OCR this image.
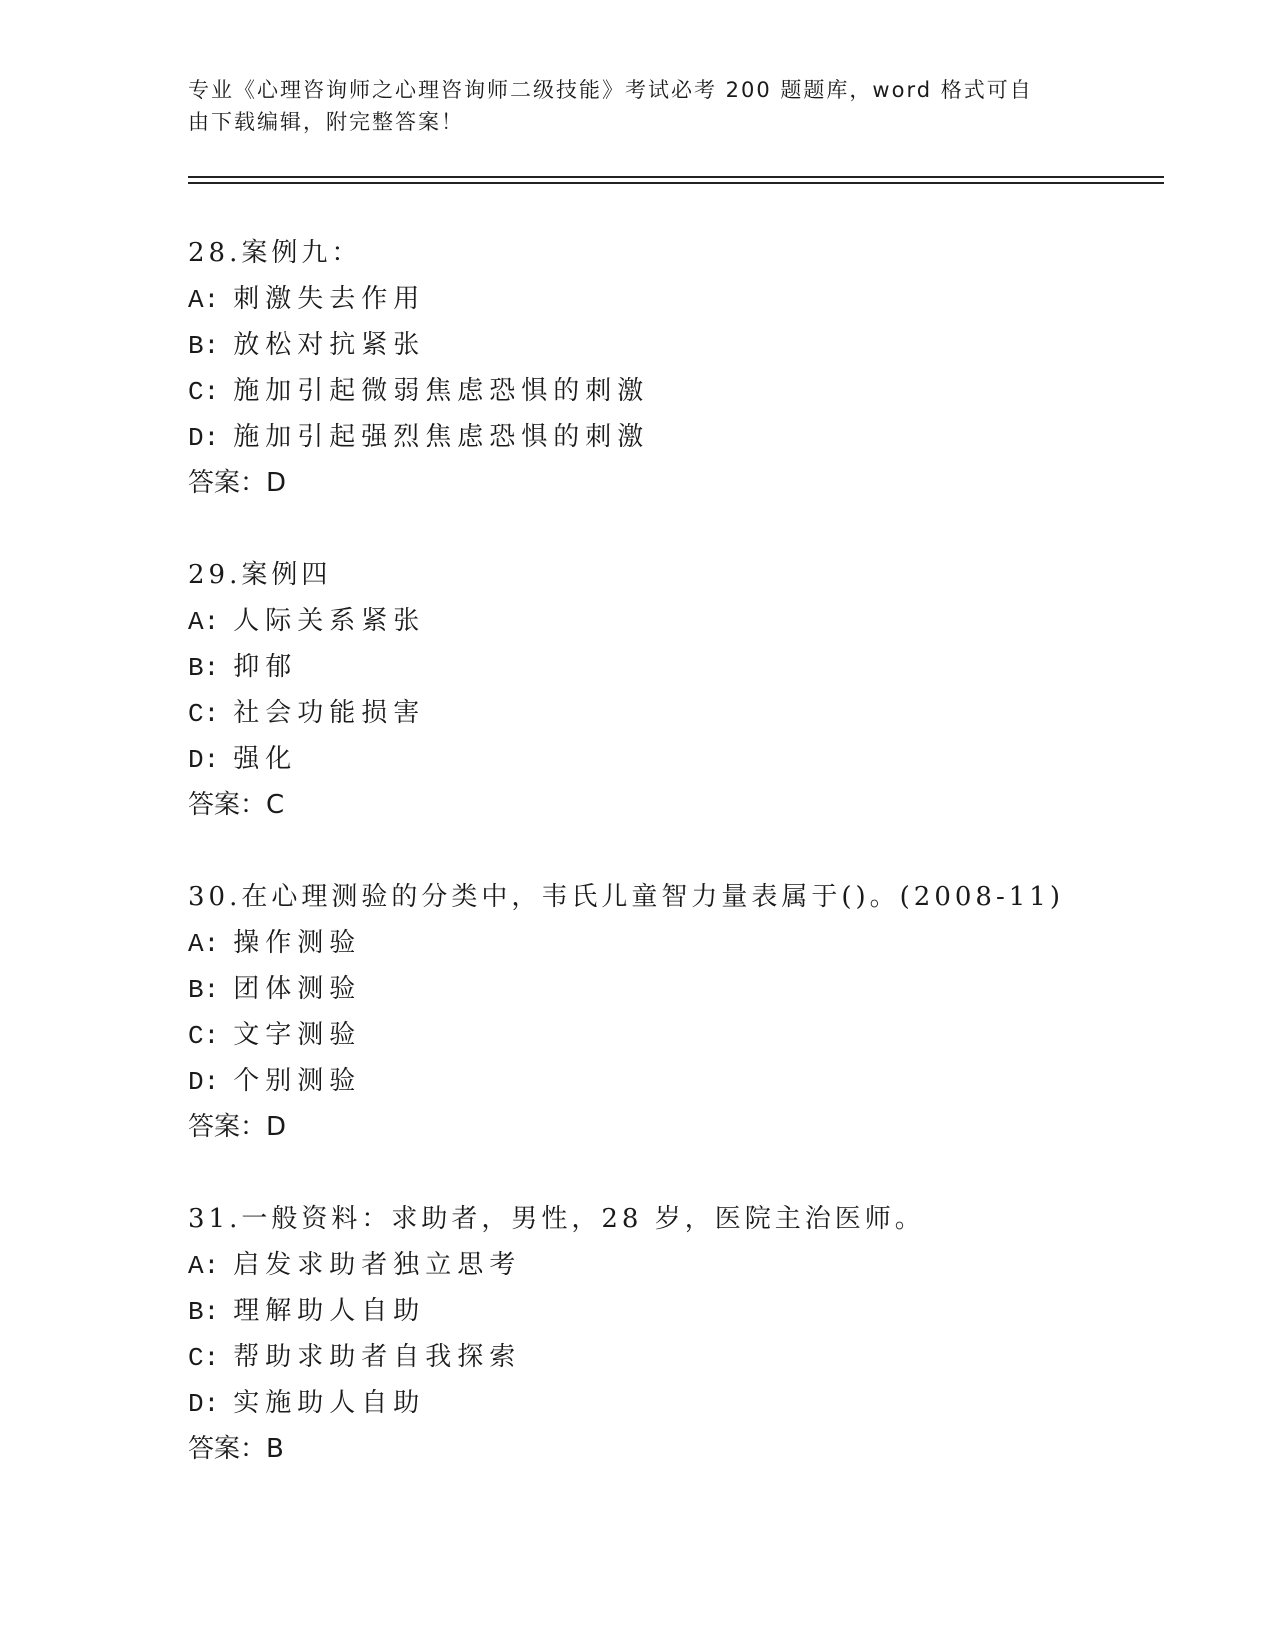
专业《心理咨询师之心理咨询师二级技能》考试必考 200 题题库，word 格式可自
由下载编辑，附完整答案！
28.案例九：
A: 刺激失去作用
B: 放松对抗紧张
C: 施加引起微弱焦虑恐惧的刺激
D: 施加引起强烈焦虑恐惧的刺激
答案：D
29.案例四
A: 人际关系紧张
B: 抑郁
C: 社会功能损害
D: 强化
答案：C
30.在心理测验的分类中，韦氏儿童智力量表属于()。(2008-11)
A: 操作测验
B: 团体测验
C: 文字测验
D: 个别测验
答案：D
31.一般资料：求助者，男性，28 岁，医院主治医师。
A: 启发求助者独立思考
B: 理解助人自助
C: 帮助求助者自我探索
D: 实施助人自助
答案：B
